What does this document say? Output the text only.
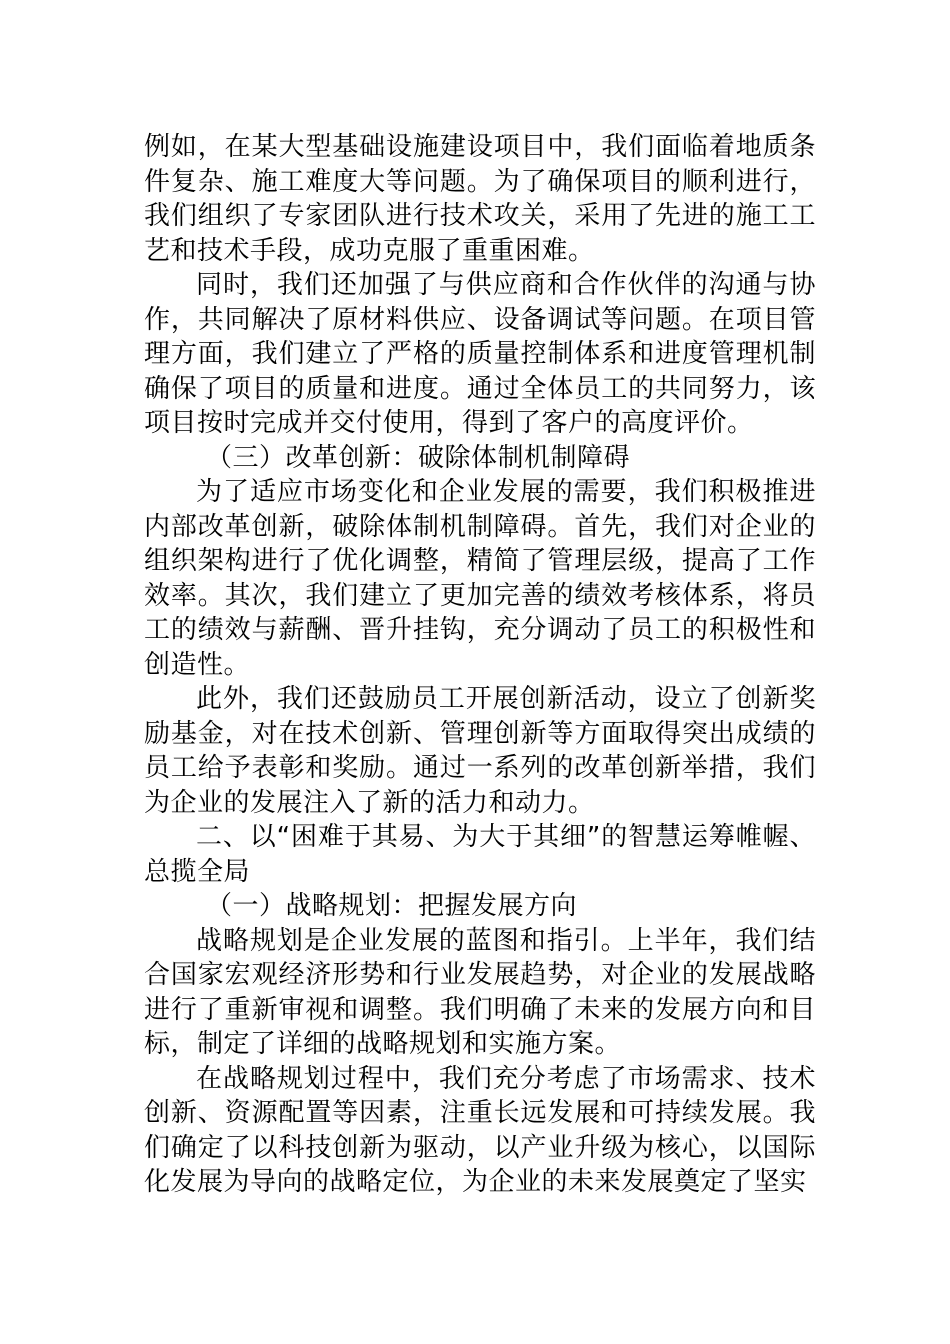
例如，在某大型基础设施建设项目中，我们面临着地质条件复杂、施工难度大等问题。为了确保项目的顺利进行，我们组织了专家团队进行技术攻关，采用了先进的施工工艺和技术手段，成功克服了重重困难。

同时，我们还加强了与供应商和合作伙伴的沟通与协作，共同解决了原材料供应、设备调试等问题。在项目管理方面，我们建立了严格的质量控制体系和进度管理机制确保了项目的质量和进度。通过全体员工的共同努力，该项目按时完成并交付使用，得到了客户的高度评价。

（三）改革创新：破除体制机制障碍

为了适应市场变化和企业发展的需要，我们积极推进内部改革创新，破除体制机制障碍。首先，我们对企业的组织架构进行了优化调整，精简了管理层级，提高了工作效率。其次，我们建立了更加完善的绩效考核体系，将员工的绩效与薪酬、晋升挂钩，充分调动了员工的积极性和创造性。

此外，我们还鼓励员工开展创新活动，设立了创新奖励基金，对在技术创新、管理创新等方面取得突出成绩的员工给予表彰和奖励。通过一系列的改革创新举措，我们为企业的发展注入了新的活力和动力。

二、以“困难于其易、为大于其细”的智慧运筹帷幄、总揽全局

（一）战略规划：把握发展方向

战略规划是企业发展的蓝图和指引。上半年，我们结合国家宏观经济形势和行业发展趋势，对企业的发展战略进行了重新审视和调整。我们明确了未来的发展方向和目标，制定了详细的战略规划和实施方案。

在战略规划过程中，我们充分考虑了市场需求、技术创新、资源配置等因素，注重长远发展和可持续发展。我们确定了以科技创新为驱动，以产业升级为核心，以国际化发展为导向的战略定位，为企业的未来发展奠定了坚实
